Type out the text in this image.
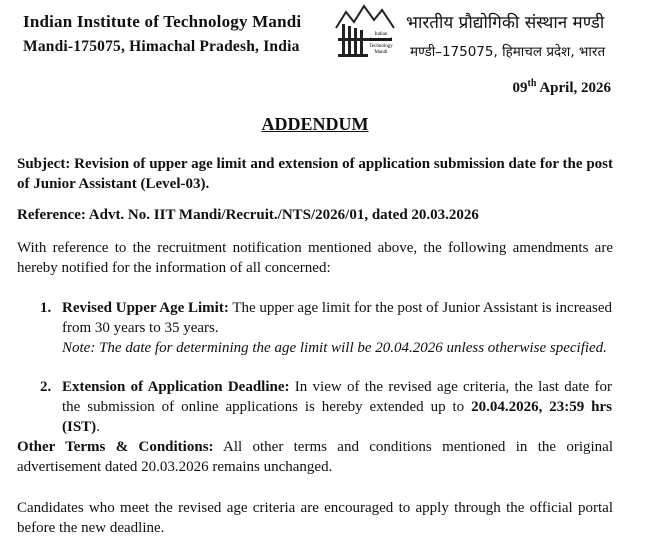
Indian Institute of Technology Mandi
Mandi-175075, Himachal Pradesh, India
Indian
Institute of
Technology
Mandi
भारतीय प्रौद्योगिकी संस्थान मण्डी
मण्डी–175075, हिमाचल प्रदेश, भारत
09th April, 2026
ADDENDUM
Subject: Revision of upper age limit and extension of application submission date for the post of Junior Assistant (Level-03).
Reference: Advt. No. IIT Mandi/Recruit./NTS/2026/01, dated 20.03.2026
With reference to the recruitment notification mentioned above, the following amendments are hereby notified for the information of all concerned:
1. Revised Upper Age Limit: The upper age limit for the post of Junior Assistant is increased from 30 years to 35 years.
Note: The date for determining the age limit will be 20.04.2026 unless otherwise specified.
2. Extension of Application Deadline: In view of the revised age criteria, the last date for the submission of online applications is hereby extended up to 20.04.2026, 23:59 hrs (IST).
Other Terms & Conditions: All other terms and conditions mentioned in the original advertisement dated 20.03.2026 remains unchanged.
Candidates who meet the revised age criteria are encouraged to apply through the official portal before the new deadline.
